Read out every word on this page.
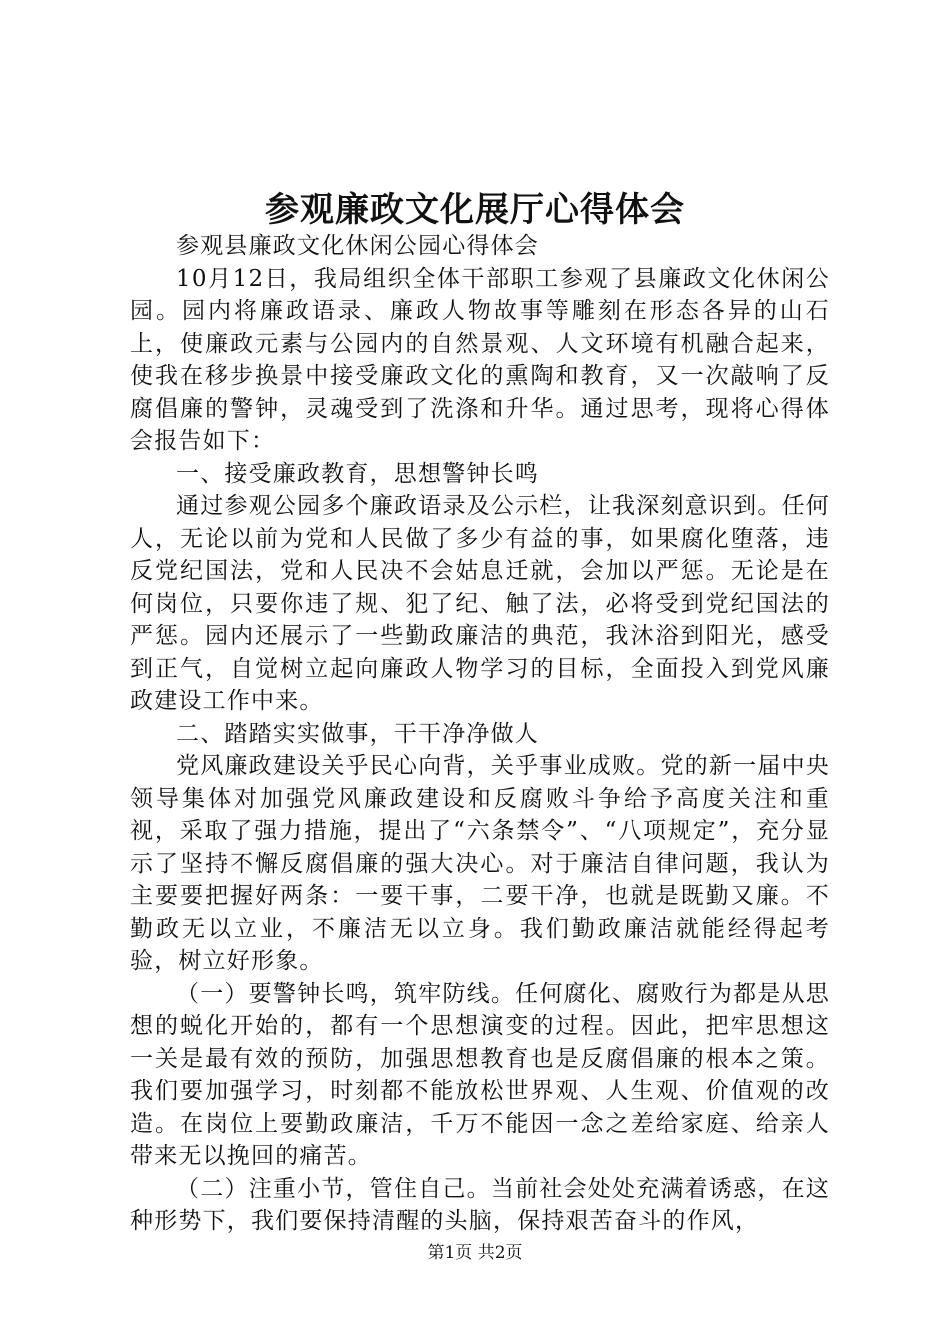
参观廉政文化展厅心得体会

参观县廉政文化休闲公园心得体会

10月12日，我局组织全体干部职工参观了县廉政文化休闲公园。园内将廉政语录、廉政人物故事等雕刻在形态各异的山石上，使廉政元素与公园内的自然景观、人文环境有机融合起来，使我在移步换景中接受廉政文化的熏陶和教育，又一次敲响了反腐倡廉的警钟，灵魂受到了洗涤和升华。通过思考，现将心得体会报告如下：

一、接受廉政教育，思想警钟长鸣

通过参观公园多个廉政语录及公示栏，让我深刻意识到。任何人，无论以前为党和人民做了多少有益的事，如果腐化堕落，违反党纪国法，党和人民决不会姑息迁就，会加以严惩。无论是在何岗位，只要你违了规、犯了纪、触了法，必将受到党纪国法的严惩。园内还展示了一些勤政廉洁的典范，我沐浴到阳光，感受到正气，自觉树立起向廉政人物学习的目标，全面投入到党风廉政建设工作中来。

二、踏踏实实做事，干干净净做人

党风廉政建设关乎民心向背，关乎事业成败。党的新一届中央领导集体对加强党风廉政建设和反腐败斗争给予高度关注和重视，采取了强力措施，提出了“六条禁令”、“八项规定”，充分显示了坚持不懈反腐倡廉的强大决心。对于廉洁自律问题，我认为主要要把握好两条：一要干事，二要干净，也就是既勤又廉。不勤政无以立业，不廉洁无以立身。我们勤政廉洁就能经得起考验，树立好形象。

（一）要警钟长鸣，筑牢防线。任何腐化、腐败行为都是从思想的蜕化开始的，都有一个思想演变的过程。因此，把牢思想这一关是最有效的预防，加强思想教育也是反腐倡廉的根本之策。我们要加强学习，时刻都不能放松世界观、人生观、价值观的改造。在岗位上要勤政廉洁，千万不能因一念之差给家庭、给亲人带来无以挽回的痛苦。

（二）注重小节，管住自己。当前社会处处充满着诱惑，在这种形势下，我们要保持清醒的头脑，保持艰苦奋斗的作风，

第1页 共2页
